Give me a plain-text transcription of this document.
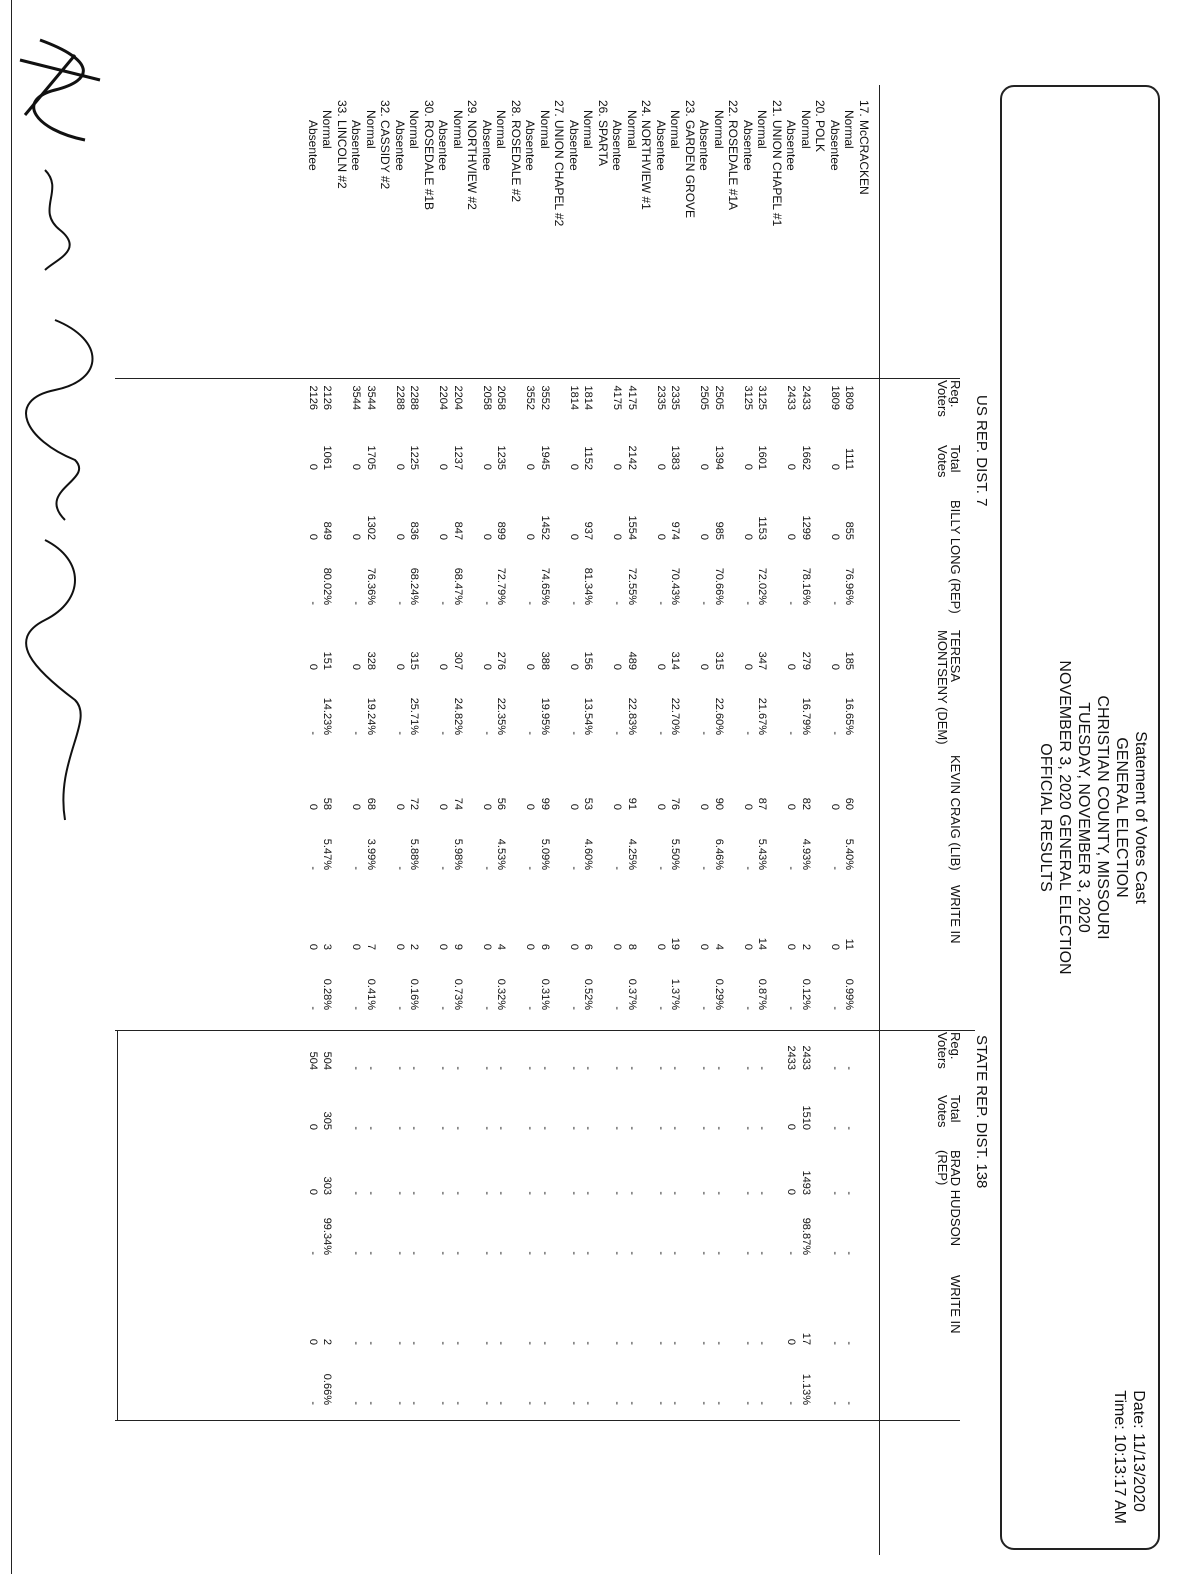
Statement of Votes Cast
GENERAL ELECTION
CHRISTIAN COUNTY, MISSOURI
TUESDAY, NOVEMBER 3, 2020
NOVEMBER 3, 2020 GENERAL ELECTION
OFFICIAL RESULTS
Date: 11/13/2020
Time: 10:13:17 AM
US REP. DIST. 7
STATE REP. DIST. 138
Reg. Voters
Total Votes
BILLY LONG (REP)
TERESA MONTSENY (DEM)
KEVIN CRAIG (LIB)
WRITE IN
Reg. Voters
Total Votes
BRAD HUDSON (REP)
WRITE IN
17. McCRACKEN
Normal
1809
1111
855
76.96%
185
16.65%
60
5.40%
11
0.99%
-
-
-
-
-
-
Absentee
1809
0
0
-
0
-
0
-
0
-
-
-
-
-
-
-
20. POLK
Normal
2433
1662
1299
78.16%
279
16.79%
82
4.93%
2
0.12%
2433
1510
1493
98.87%
17
1.13%
Absentee
2433
0
0
-
0
-
0
-
0
-
2433
0
0
-
0
-
21. UNION CHAPEL #1
Normal
3125
1601
1153
72.02%
347
21.67%
87
5.43%
14
0.87%
-
-
-
-
-
-
Absentee
3125
0
0
-
0
-
0
-
0
-
-
-
-
-
-
-
22. ROSEDALE #1A
Normal
2505
1394
985
70.66%
315
22.60%
90
6.46%
4
0.29%
-
-
-
-
-
-
Absentee
2505
0
0
-
0
-
0
-
0
-
-
-
-
-
-
-
23. GARDEN GROVE
Normal
2335
1383
974
70.43%
314
22.70%
76
5.50%
19
1.37%
-
-
-
-
-
-
Absentee
2335
0
0
-
0
-
0
-
0
-
-
-
-
-
-
-
24. NORTHVIEW #1
Normal
4175
2142
1554
72.55%
489
22.83%
91
4.25%
8
0.37%
-
-
-
-
-
-
Absentee
4175
0
0
-
0
-
0
-
0
-
-
-
-
-
-
-
26. SPARTA
Normal
1814
1152
937
81.34%
156
13.54%
53
4.60%
6
0.52%
-
-
-
-
-
-
Absentee
1814
0
0
-
0
-
0
-
0
-
-
-
-
-
-
-
27. UNION CHAPEL #2
Normal
3552
1945
1452
74.65%
388
19.95%
99
5.09%
6
0.31%
-
-
-
-
-
-
Absentee
3552
0
0
-
0
-
0
-
0
-
-
-
-
-
-
-
28. ROSEDALE #2
Normal
2058
1235
899
72.79%
276
22.35%
56
4.53%
4
0.32%
-
-
-
-
-
-
Absentee
2058
0
0
-
0
-
0
-
0
-
-
-
-
-
-
-
29. NORTHVIEW #2
Normal
2204
1237
847
68.47%
307
24.82%
74
5.98%
9
0.73%
-
-
-
-
-
-
Absentee
2204
0
0
-
0
-
0
-
0
-
-
-
-
-
-
-
30. ROSEDALE #1B
Normal
2288
1225
836
68.24%
315
25.71%
72
5.88%
2
0.16%
-
-
-
-
-
-
Absentee
2288
0
0
-
0
-
0
-
0
-
-
-
-
-
-
-
32. CASSIDY #2
Normal
3544
1705
1302
76.36%
328
19.24%
68
3.99%
7
0.41%
-
-
-
-
-
-
Absentee
3544
0
0
-
0
-
0
-
0
-
-
-
-
-
-
-
33. LINCOLN #2
Normal
2126
1061
849
80.02%
151
14.23%
58
5.47%
3
0.28%
504
305
303
99.34%
2
0.66%
Absentee
2126
0
0
-
0
-
0
-
0
-
504
0
0
-
0
-
